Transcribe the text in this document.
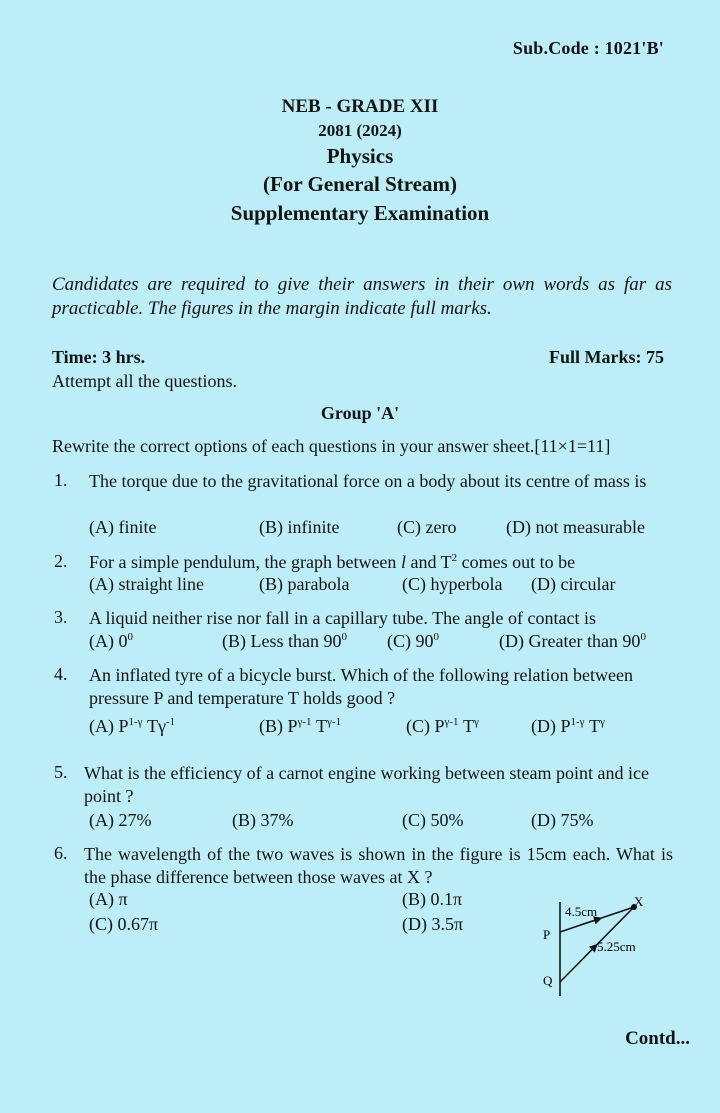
Sub.Code : 1021'B'
NEB - GRADE XII
2081 (2024)
Physics
(For General Stream)
Supplementary Examination
Candidates are required to give their answers in their own words as far as practicable. The figures in the margin indicate full marks.
Time: 3 hrs.	Full Marks: 75
Attempt all the questions.
Group 'A'
Rewrite the correct options of each questions in your answer sheet.[11×1=11]
1. The torque due to the gravitational force on a body about its centre of mass is
(A) finite	(B) infinite	(C) zero	(D) not measurable
2. For a simple pendulum, the graph between l and $T^2$ comes out to be
(A) straight line	(B) parabola	(C) hyperbola (D) circular
3. A liquid neither rise nor fall in a capillary tube. The angle of contact is
(A) $0^0$	(B) Less than $90^0$ (C) $90^0$	(D) Greater than $90^0$
4. An inflated tyre of a bicycle burst. Which of the following relation between pressure P and temperature T holds good ?
(A) $P^{1-\gamma}$ $T\gamma^{-1}$	(B) $P^{\gamma-1}$ $T^{\gamma-1}$	(C) $P^{\gamma-1}$ $T^\gamma$	(D) $P^{1-\gamma}$ $T^\gamma$
5. What is the efficiency of a carnot engine working between steam point and ice point ?
(A) 27%	(B) 37%	(C) 50%	(D) 75%
6. The wavelength of the two waves is shown in the figure is 15cm each. What is the phase difference between those waves at X ?
(A) π	(B) 0.1π
(C) 0.67π	(D) 3.5π
X
P
Q
4.5cm
5.25cm
Contd...
